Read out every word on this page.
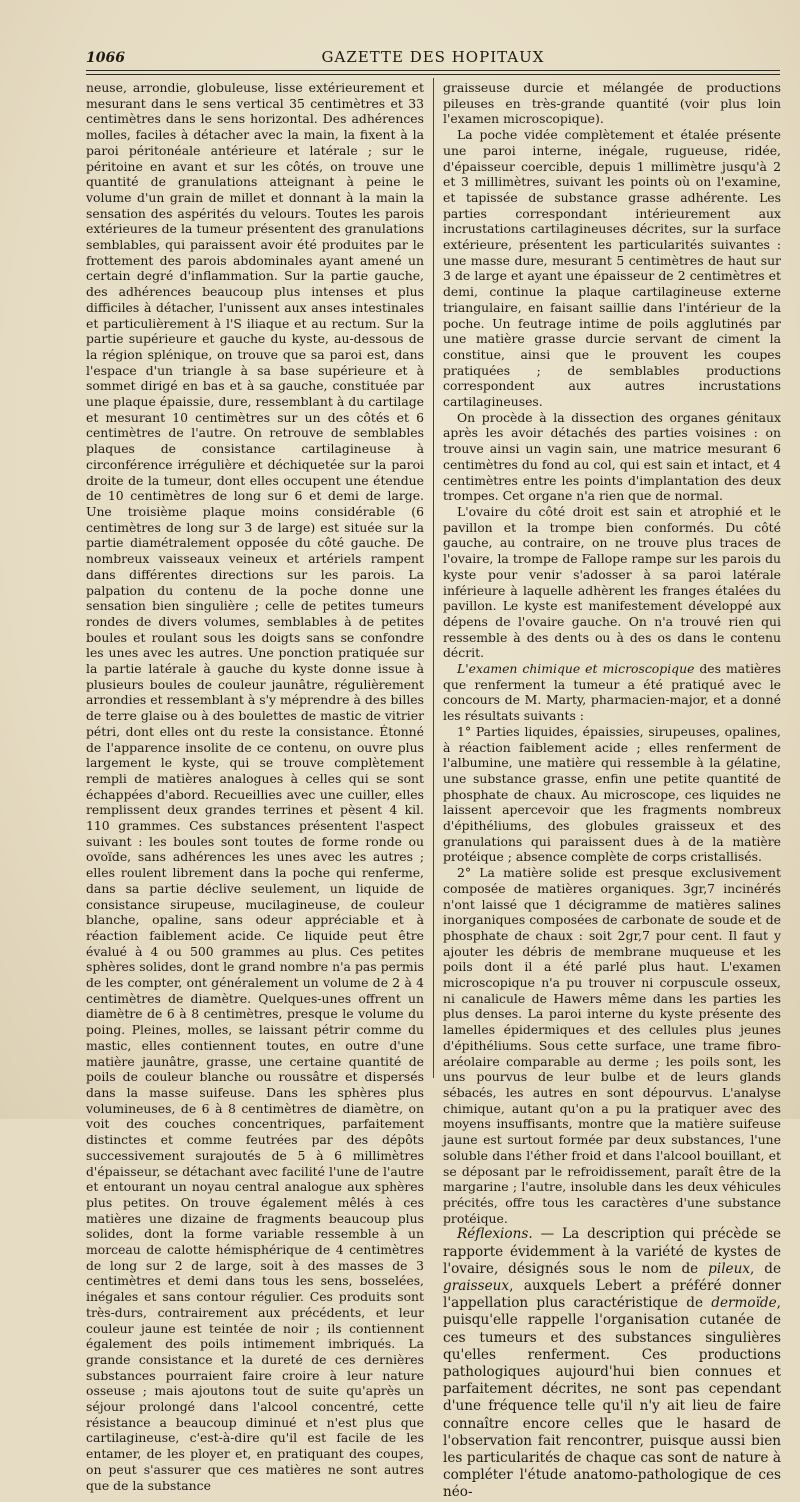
1066	GAZETTE DES HOPITAUX

neuse, arrondie, globuleuse, lisse extérieurement et mesurant dans le sens vertical 35 centimètres et 33 centimètres dans le sens horizontal. Des adhérences molles, faciles à détacher avec la main, la fixent à la paroi péritonéale antérieure et latérale ; sur le péritoine en avant et sur les côtés, on trouve une quantité de granulations atteignant à peine le volume d'un grain de millet et donnant à la main la sensation des aspérités du velours. Toutes les parois extérieures de la tumeur présentent des granulations semblables, qui paraissent avoir été produites par le frottement des parois abdominales ayant amené un certain degré d'inflammation. Sur la partie gauche, des adhérences beaucoup plus intenses et plus difficiles à détacher, l'unissent aux anses intestinales et particulièrement à l'S iliaque et au rectum. Sur la partie supérieure et gauche du kyste, au-dessous de la région splénique, on trouve que sa paroi est, dans l'espace d'un triangle à sa base supérieure et à sommet dirigé en bas et à sa gauche, constituée par une plaque épaissie, dure, ressemblant à du cartilage et mesurant 10 centimètres sur un des côtés et 6 centimètres de l'autre. On retrouve de semblables plaques de consistance cartilagineuse à circonférence irrégulière et déchiquetée sur la paroi droite de la tumeur, dont elles occupent une étendue de 10 centimètres de long sur 6 et demi de large. Une troisième plaque moins considérable (6 centimètres de long sur 3 de large) est située sur la partie diamétralement opposée du côté gauche. De nombreux vaisseaux veineux et artériels rampent dans différentes directions sur les parois. La palpation du contenu de la poche donne une sensation bien singulière ; celle de petites tumeurs rondes de divers volumes, semblables à de petites boules et roulant sous les doigts sans se confondre les unes avec les autres. Une ponction pratiquée sur la partie latérale à gauche du kyste donne issue à plusieurs boules de couleur jaunâtre, régulièrement arrondies et ressemblant à s'y méprendre à des billes de terre glaise ou à des boulettes de mastic de vitrier pétri, dont elles ont du reste la consistance. Étonné de l'apparence insolite de ce contenu, on ouvre plus largement le kyste, qui se trouve complètement rempli de matières analogues à celles qui se sont échappées d'abord. Recueillies avec une cuiller, elles remplissent deux grandes terrines et pèsent 4 kil. 110 grammes. Ces substances présentent l'aspect suivant : les boules sont toutes de forme ronde ou ovoïde, sans adhérences les unes avec les autres ; elles roulent librement dans la poche qui renferme, dans sa partie déclive seulement, un liquide de consistance sirupeuse, mucilagineuse, de couleur blanche, opaline, sans odeur appréciable et à réaction faiblement acide. Ce liquide peut être évalué à 4 ou 500 grammes au plus. Ces petites sphères solides, dont le grand nombre n'a pas permis de les compter, ont généralement un volume de 2 à 4 centimètres de diamètre. Quelques-unes offrent un diamètre de 6 à 8 centimètres, presque le volume du poing. Pleines, molles, se laissant pétrir comme du mastic, elles contiennent toutes, en outre d'une matière jaunâtre, grasse, une certaine quantité de poils de couleur blanche ou roussâtre et dispersés dans la masse suifeuse. Dans les sphères plus volumineuses, de 6 à 8 centimètres de diamètre, on voit des couches concentriques, parfaitement distinctes et comme feutrées par des dépôts successivement surajoutés de 5 à 6 millimètres d'épaisseur, se détachant avec facilité l'une de l'autre et entourant un noyau central analogue aux sphères plus petites. On trouve également mêlés à ces matières une dizaine de fragments beaucoup plus solides, dont la forme variable ressemble à un morceau de calotte hémisphérique de 4 centimètres de long sur 2 de large, soit à des masses de 3 centimètres et demi dans tous les sens, bosselées, inégales et sans contour régulier. Ces produits sont très-durs, contrairement aux précédents, et leur couleur jaune est teintée de noir ; ils contiennent également des poils intimement imbriqués. La grande consistance et la dureté de ces dernières substances pourraient faire croire à leur nature osseuse ; mais ajoutons tout de suite qu'après un séjour prolongé dans l'alcool concentré, cette résistance a beaucoup diminué et n'est plus que cartilagineuse, c'est-à-dire qu'il est facile de les entamer, de les ployer et, en pratiquant des coupes, on peut s'assurer que ces matières ne sont autres que de la substance

graisseuse durcie et mélangée de productions pileuses en très-grande quantité (voir plus loin l'examen microscopique).

La poche vidée complètement et étalée présente une paroi interne, inégale, rugueuse, ridée, d'épaisseur coercible, depuis 1 millimètre jusqu'à 2 et 3 millimètres, suivant les points où on l'examine, et tapissée de substance grasse adhérente. Les parties correspondant intérieurement aux incrustations cartilagineuses décrites, sur la surface extérieure, présentent les particularités suivantes : une masse dure, mesurant 5 centimètres de haut sur 3 de large et ayant une épaisseur de 2 centimètres et demi, continue la plaque cartilagineuse externe triangulaire, en faisant saillie dans l'intérieur de la poche. Un feutrage intime de poils agglutinés par une matière grasse durcie servant de ciment la constitue, ainsi que le prouvent les coupes pratiquées ; de semblables productions correspondent aux autres incrustations cartilagineuses.

On procède à la dissection des organes génitaux après les avoir détachés des parties voisines : on trouve ainsi un vagin sain, une matrice mesurant 6 centimètres du fond au col, qui est sain et intact, et 4 centimètres entre les points d'implantation des deux trompes. Cet organe n'a rien que de normal.

L'ovaire du côté droit est sain et atrophié et le pavillon et la trompe bien conformés. Du côté gauche, au contraire, on ne trouve plus traces de l'ovaire, la trompe de Fallope rampe sur les parois du kyste pour venir s'adosser à sa paroi latérale inférieure à laquelle adhèrent les franges étalées du pavillon. Le kyste est manifestement développé aux dépens de l'ovaire gauche. On n'a trouvé rien qui ressemble à des dents ou à des os dans le contenu décrit.

L'examen chimique et microscopique des matières que renferment la tumeur a été pratiqué avec le concours de M. Marty, pharmacien-major, et a donné les résultats suivants :

1° Parties liquides, épaissies, sirupeuses, opalines, à réaction faiblement acide ; elles renferment de l'albumine, une matière qui ressemble à la gélatine, une substance grasse, enfin une petite quantité de phosphate de chaux. Au microscope, ces liquides ne laissent apercevoir que les fragments nombreux d'épithéliums, des globules graisseux et des granulations qui paraissent dues à de la matière protéique ; absence complète de corps cristallisés.

2° La matière solide est presque exclusivement composée de matières organiques. 3gr,7 incinérés n'ont laissé que 1 décigramme de matières salines inorganiques composées de carbonate de soude et de phosphate de chaux : soit 2gr,7 pour cent. Il faut y ajouter les débris de membrane muqueuse et les poils dont il a été parlé plus haut. L'examen microscopique n'a pu trouver ni corpuscule osseux, ni canalicule de Hawers même dans les parties les plus denses. La paroi interne du kyste présente des lamelles épidermiques et des cellules plus jeunes d'épithéliums. Sous cette surface, une trame fibro-aréolaire comparable au derme ; les poils sont, les uns pourvus de leur bulbe et de leurs glands sébacés, les autres en sont dépourvus. L'analyse chimique, autant qu'on a pu la pratiquer avec des moyens insuffisants, montre que la matière suifeuse jaune est surtout formée par deux substances, l'une soluble dans l'éther froid et dans l'alcool bouillant, et se déposant par le refroidissement, paraît être de la margarine ; l'autre, insoluble dans les deux véhicules précités, offre tous les caractères d'une substance protéique.

Réflexions. — La description qui précède se rapporte évidemment à la variété de kystes de l'ovaire, désignés sous le nom de pileux, de graisseux, auxquels Lebert a préféré donner l'appellation plus caractéristique de dermoïde, puisqu'elle rappelle l'organisation cutanée de ces tumeurs et des substances singulières qu'elles renferment. Ces productions pathologiques aujourd'hui bien connues et parfaitement décrites, ne sont pas cependant d'une fréquence telle qu'il n'y ait lieu de faire connaître encore celles que le hasard de l'observation fait rencontrer, puisque aussi bien les particularités de chaque cas sont de nature à compléter l'étude anatomo-pathologique de ces néo-
